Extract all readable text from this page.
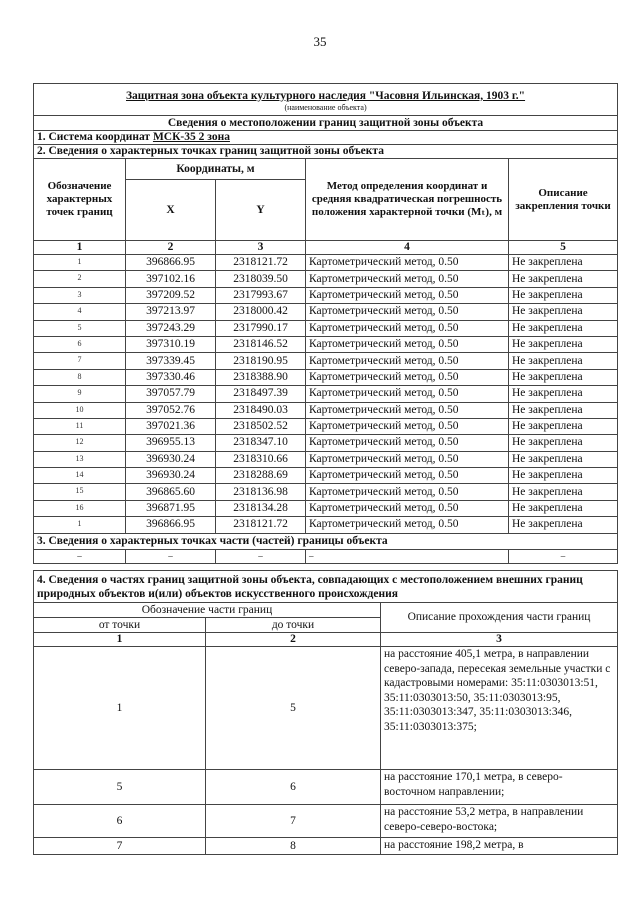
35
Защитная зона объекта культурного наследия "Часовня Ильинская, 1903 г."
(наименование объекта)				

Сведения о местоположении границ защитной зоны объекта				
1. Система координат МСК-35 2 зона				
2. Сведения о характерных точках границ защитной зоны объекта				
Обозначение характерных точек границ	Координаты, м		Метод определения координат и средняя квадратическая погрешность положения характерной точки (Mₜ), м	Описание закрепления точки
	X	Y		
1	2	3	4	5
1	396866.95	2318121.72	Картометрический метод, 0.50	Не закреплена
2	397102.16	2318039.50	Картометрический метод, 0.50	Не закреплена
3	397209.52	2317993.67	Картометрический метод, 0.50	Не закреплена
4	397213.97	2318000.42	Картометрический метод, 0.50	Не закреплена
5	397243.29	2317990.17	Картометрический метод, 0.50	Не закреплена
6	397310.19	2318146.52	Картометрический метод, 0.50	Не закреплена
7	397339.45	2318190.95	Картометрический метод, 0.50	Не закреплена
8	397330.46	2318388.90	Картометрический метод, 0.50	Не закреплена
9	397057.79	2318497.39	Картометрический метод, 0.50	Не закреплена
10	397052.76	2318490.03	Картометрический метод, 0.50	Не закреплена
11	397021.36	2318502.52	Картометрический метод, 0.50	Не закреплена
12	396955.13	2318347.10	Картометрический метод, 0.50	Не закреплена
13	396930.24	2318310.66	Картометрический метод, 0.50	Не закреплена
14	396930.24	2318288.69	Картометрический метод, 0.50	Не закреплена
15	396865.60	2318136.98	Картометрический метод, 0.50	Не закреплена
16	396871.95	2318134.28	Картометрический метод, 0.50	Не закреплена
1	396866.95	2318121.72	Картометрический метод, 0.50	Не закреплена
3. Сведения о характерных точках части (частей) границы объекта				
–	–	–	–	–
4. Сведения о частях границ защитной зоны объекта, совпадающих с местоположением внешних границ природных объектов и(или) объектов искусственного происхождения		
Обозначение части границ		Описание прохождения части границ
от точки	до точки	
1	2	3
1	5	на расстояние 405,1 метра, в направлении северо-запада, пересекая земельные участки с кадастровыми номерами: 35:11:0303013:51, 35:11:0303013:50, 35:11:0303013:95, 35:11:0303013:347, 35:11:0303013:346, 35:11:0303013:375;
5	6	на расстояние 170,1 метра, в северо-восточном направлении;
6	7	на расстояние 53,2 метра, в направлении северо-северо-востока;
7	8	на расстояние 198,2 метра, в
